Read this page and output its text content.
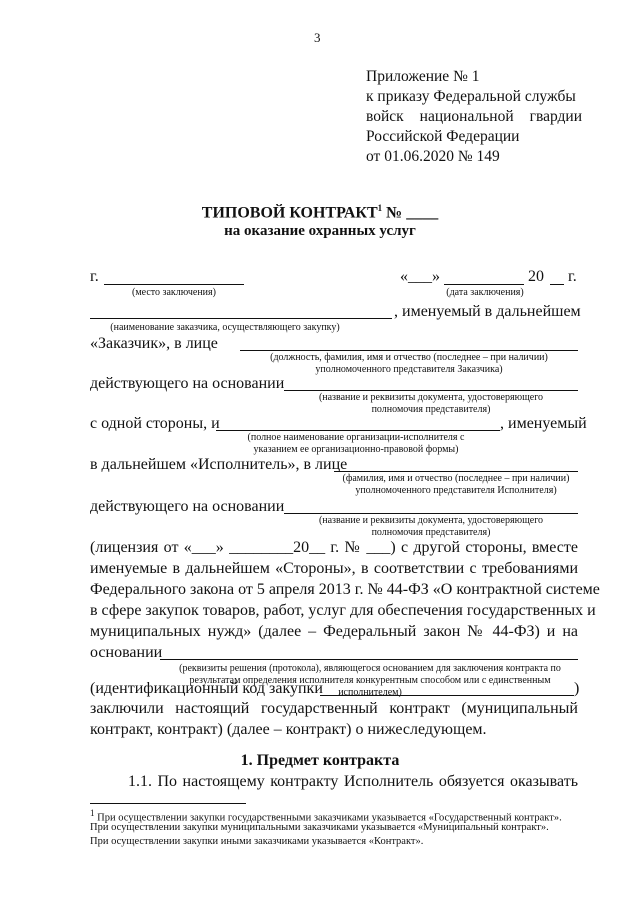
3
Приложение № 1
к приказу Федеральной службы
войск национальной гвардии
Российской Федерации
от 01.06.2020 № 149
ТИПОВОЙ КОНТРАКТ$^1$ № ____
на оказание охранных услуг
г.
(место заключения)
«___»	20 г.
(дата заключения)
, именуемый в дальнейшем
(наименование заказчика, осуществляющего закупку)
«Заказчик», в лице
(должность, фамилия, имя и отчество (последнее – при наличии) уполномоченного представителя Заказчика)
действующего на основании
(название и реквизиты документа, удостоверяющего полномочия представителя)
с одной стороны, и	, именуемый
(полное наименование организации-исполнителя с указанием ее организационно-правовой формы)
в дальнейшем «Исполнитель», в лице
(фамилия, имя и отчество (последнее – при наличии) уполномоченного представителя Исполнителя)
действующего на основании
(название и реквизиты документа, удостоверяющего полномочия представителя)
(лицензия от «___» ________20__ г. № ___) с другой стороны, вместе
именуемые в дальнейшем «Стороны», в соответствии с требованиями
Федерального закона от 5 апреля 2013 г. № 44-ФЗ «О контрактной системе
в сфере закупок товаров, работ, услуг для обеспечения государственных и
муниципальных нужд» (далее – Федеральный закон № 44-ФЗ) и на
основании
(реквизиты решения (протокола), являющегося основанием для заключения контракта по результатам определения исполнителя конкурентным способом или с единственным исполнителем)
(идентификационный код закупки	)
заключили настоящий государственный контракт (муниципальный
контракт, контракт) (далее – контракт) о нижеследующем.
1. Предмет контракта
1.1. По настоящему контракту Исполнитель обязуется оказывать
$^1$ При осуществлении закупки государственными заказчиками указывается «Государственный контракт».
При осуществлении закупки муниципальными заказчиками указывается «Муниципальный контракт».
При осуществлении закупки иными заказчиками указывается «Контракт».
